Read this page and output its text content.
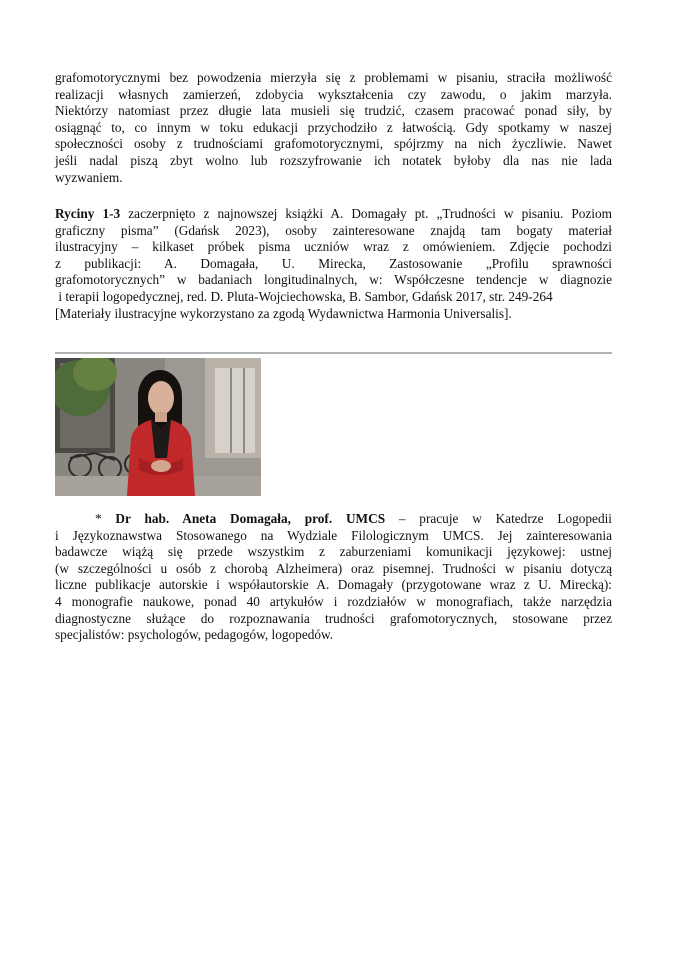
grafomotorycznymi bez powodzenia mierzyła się z problemami w pisaniu, straciła możliwość
realizacji własnych zamierzeń, zdobycia wykształcenia czy zawodu, o jakim marzyła.
Niektórzy natomiast przez długie lata musieli się trudzić, czasem pracować ponad siły, by
osiągnąć to, co innym w toku edukacji przychodziło z łatwością. Gdy spotkamy w naszej
społeczności osoby z trudnościami grafomotorycznymi, spójrzmy na nich życzliwie. Nawet
jeśli nadal piszą zbyt wolno lub rozszyfrowanie ich notatek byłoby dla nas nie lada
wyzwaniem.
Ryciny 1-3 zaczerpnięto z najnowszej książki A. Domagały pt. „Trudności w pisaniu. Poziom
graficzny pisma” (Gdańsk 2023), osoby zainteresowane znajdą tam bogaty materiał
ilustracyjny – kilkaset próbek pisma uczniów wraz z omówieniem. Zdjęcie pochodzi
z publikacji: A. Domagała, U. Mirecka, Zastosowanie „Profilu sprawności
grafomotorycznych” w badaniach longitudinalnych, w: Współczesne tendencje w diagnozie
i terapii logopedycznej, red. D. Pluta-Wojciechowska, B. Sambor, Gdańsk 2017, str. 249-264
[Materiały ilustracyjne wykorzystano za zgodą Wydawnictwa Harmonia Universalis].
* Dr hab. Aneta Domagała, prof. UMCS – pracuje w Katedrze Logopedii
i Językoznawstwa Stosowanego na Wydziale Filologicznym UMCS. Jej zainteresowania
badawcze wiążą się przede wszystkim z zaburzeniami komunikacji językowej: ustnej
(w szczególności u osób z chorobą Alzheimera) oraz pisemnej. Trudności w pisaniu dotyczą
liczne publikacje autorskie i współautorskie A. Domagały (przygotowane wraz z U. Mirecką):
4 monografie naukowe, ponad 40 artykułów i rozdziałów w monografiach, także narzędzia
diagnostyczne służące do rozpoznawania trudności grafomotorycznych, stosowane przez
specjalistów: psychologów, pedagogów, logopedów.
